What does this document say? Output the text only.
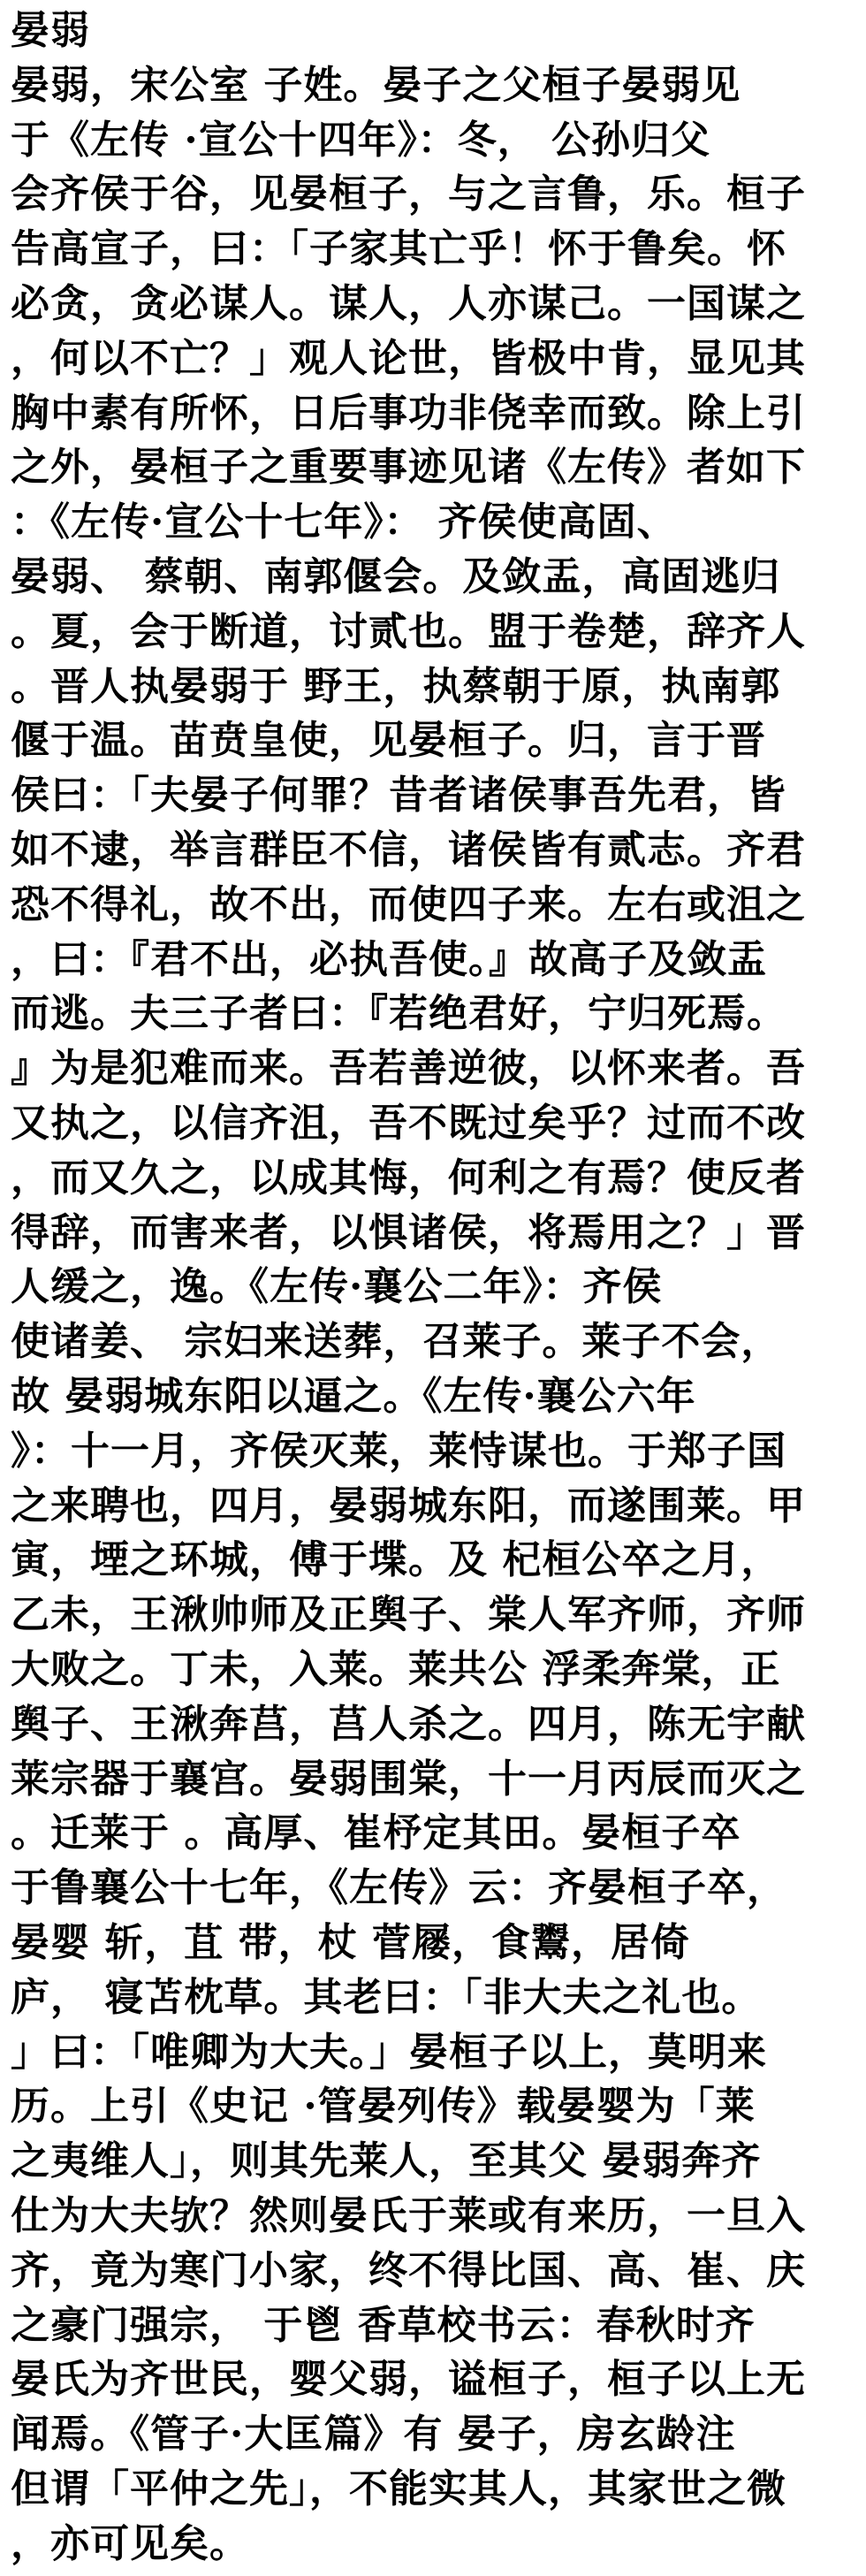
晏弱
晏弱，宋公室 子姓。晏子之父桓子晏弱见
于《左传 ·宣公十四年》：冬， 公孙归父
会齐侯于谷，见晏桓子，与之言鲁，乐。桓子
告高宣子，曰：「子家其亡乎！怀于鲁矣。怀
必贪，贪必谋人。谋人，人亦谋己。一国谋之
，何以不亡？」观人论世，皆极中肯，显见其
胸中素有所怀，日后事功非侥幸而致。除上引
之外，晏桓子之重要事迹见诸《左传》者如下
：《左传·宣公十七年》： 齐侯使高固、
晏弱、 蔡朝、南郭偃会。及敛盂，高固逃归
。夏，会于断道，讨贰也。盟于卷楚，辞齐人
。晋人执晏弱于 野王，执蔡朝于原，执南郭
偃于温。苗贲皇使，见晏桓子。归，言于晋
侯曰：「夫晏子何罪？昔者诸侯事吾先君，皆
如不逮，举言群臣不信，诸侯皆有贰志。齐君
恐不得礼，故不出，而使四子来。左右或沮之
，曰：『君不出，必执吾使。』故高子及敛盂
而逃。夫三子者曰：『若绝君好，宁归死焉。
』为是犯难而来。吾若善逆彼，以怀来者。吾
又执之，以信齐沮，吾不既过矣乎？过而不改
，而又久之，以成其悔，何利之有焉？使反者
得辞，而害来者，以惧诸侯，将焉用之？」晋
人缓之，逸。《左传·襄公二年》：齐侯
使诸姜、 宗妇来送葬，召莱子。莱子不会，
故 晏弱城东阳以逼之。《左传·襄公六年
》：十一月，齐侯灭莱，莱恃谋也。于郑子国
之来聘也，四月，晏弱城东阳，而遂围莱。甲
寅，堙之环城，傅于堞。及 杞桓公卒之月，
乙未，王湫帅师及正舆子、棠人军齐师，齐师
大败之。丁未，入莱。莱共公 浮柔奔棠，正
舆子、王湫奔莒，莒人杀之。四月，陈无宇献
莱宗器于襄宫。晏弱围棠，十一月丙辰而灭之
。迁莱于 。高厚、崔杼定其田。晏桓子卒
于鲁襄公十七年，《左传》云：齐晏桓子卒，
晏婴 斩，苴 带，杖 菅屦，食鬻，居倚
庐， 寝苫枕草。其老曰：「非大夫之礼也。
」曰：「唯卿为大夫。」晏桓子以上，莫明来
历。上引《史记 ·管晏列传》载晏婴为「莱
之夷维人」，则其先莱人，至其父 晏弱奔齐
仕为大夫欤？然则晏氏于莱或有来历，一旦入
齐，竟为寒门小家，终不得比国、高、崔、庆
之豪门强宗， 于鬯 香草校书云：春秋时齐
晏氏为齐世民，婴父弱，谥桓子，桓子以上无
闻焉。《管子·大匡篇》有 晏子，房玄龄注
但谓「平仲之先」，不能实其人，其家世之微
，亦可见矣。
